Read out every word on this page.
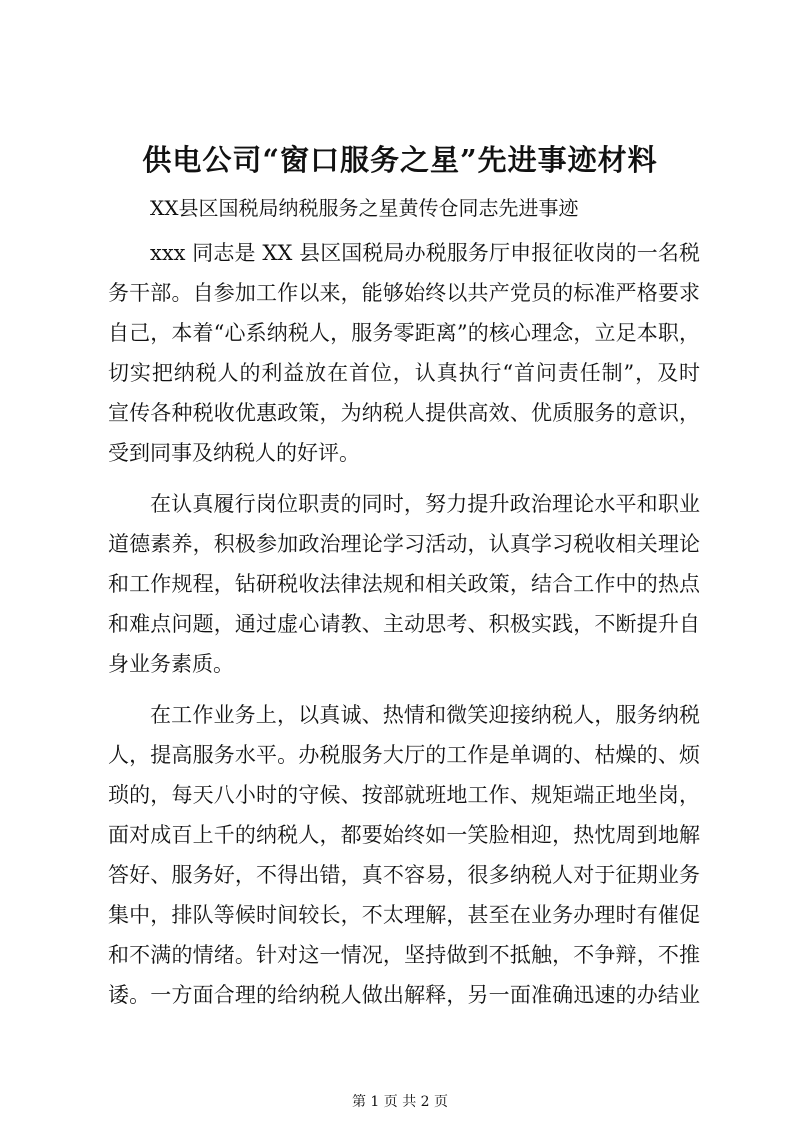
供电公司“窗口服务之星”先进事迹材料
XX县区国税局纳税服务之星黄传仓同志先进事迹
xxx 同志是 XX 县区国税局办税服务厅申报征收岗的一名税
务干部。自参加工作以来，能够始终以共产党员的标准严格要求
自己，本着“心系纳税人，服务零距离”的核心理念，立足本职，
切实把纳税人的利益放在首位，认真执行“首问责任制”，及时
宣传各种税收优惠政策，为纳税人提供高效、优质服务的意识，
受到同事及纳税人的好评。
在认真履行岗位职责的同时，努力提升政治理论水平和职业
道德素养，积极参加政治理论学习活动，认真学习税收相关理论
和工作规程，钻研税收法律法规和相关政策，结合工作中的热点
和难点问题，通过虚心请教、主动思考、积极实践，不断提升自
身业务素质。
在工作业务上，以真诚、热情和微笑迎接纳税人，服务纳税
人，提高服务水平。办税服务大厅的工作是单调的、枯燥的、烦
琐的，每天八小时的守候、按部就班地工作、规矩端正地坐岗，
面对成百上千的纳税人，都要始终如一笑脸相迎，热忱周到地解
答好、服务好，不得出错，真不容易，很多纳税人对于征期业务
集中，排队等候时间较长，不太理解，甚至在业务办理时有催促
和不满的情绪。针对这一情况，坚持做到不抵触，不争辩，不推
诿。一方面合理的给纳税人做出解释，另一面准确迅速的办结业
第 1 页 共 2 页
